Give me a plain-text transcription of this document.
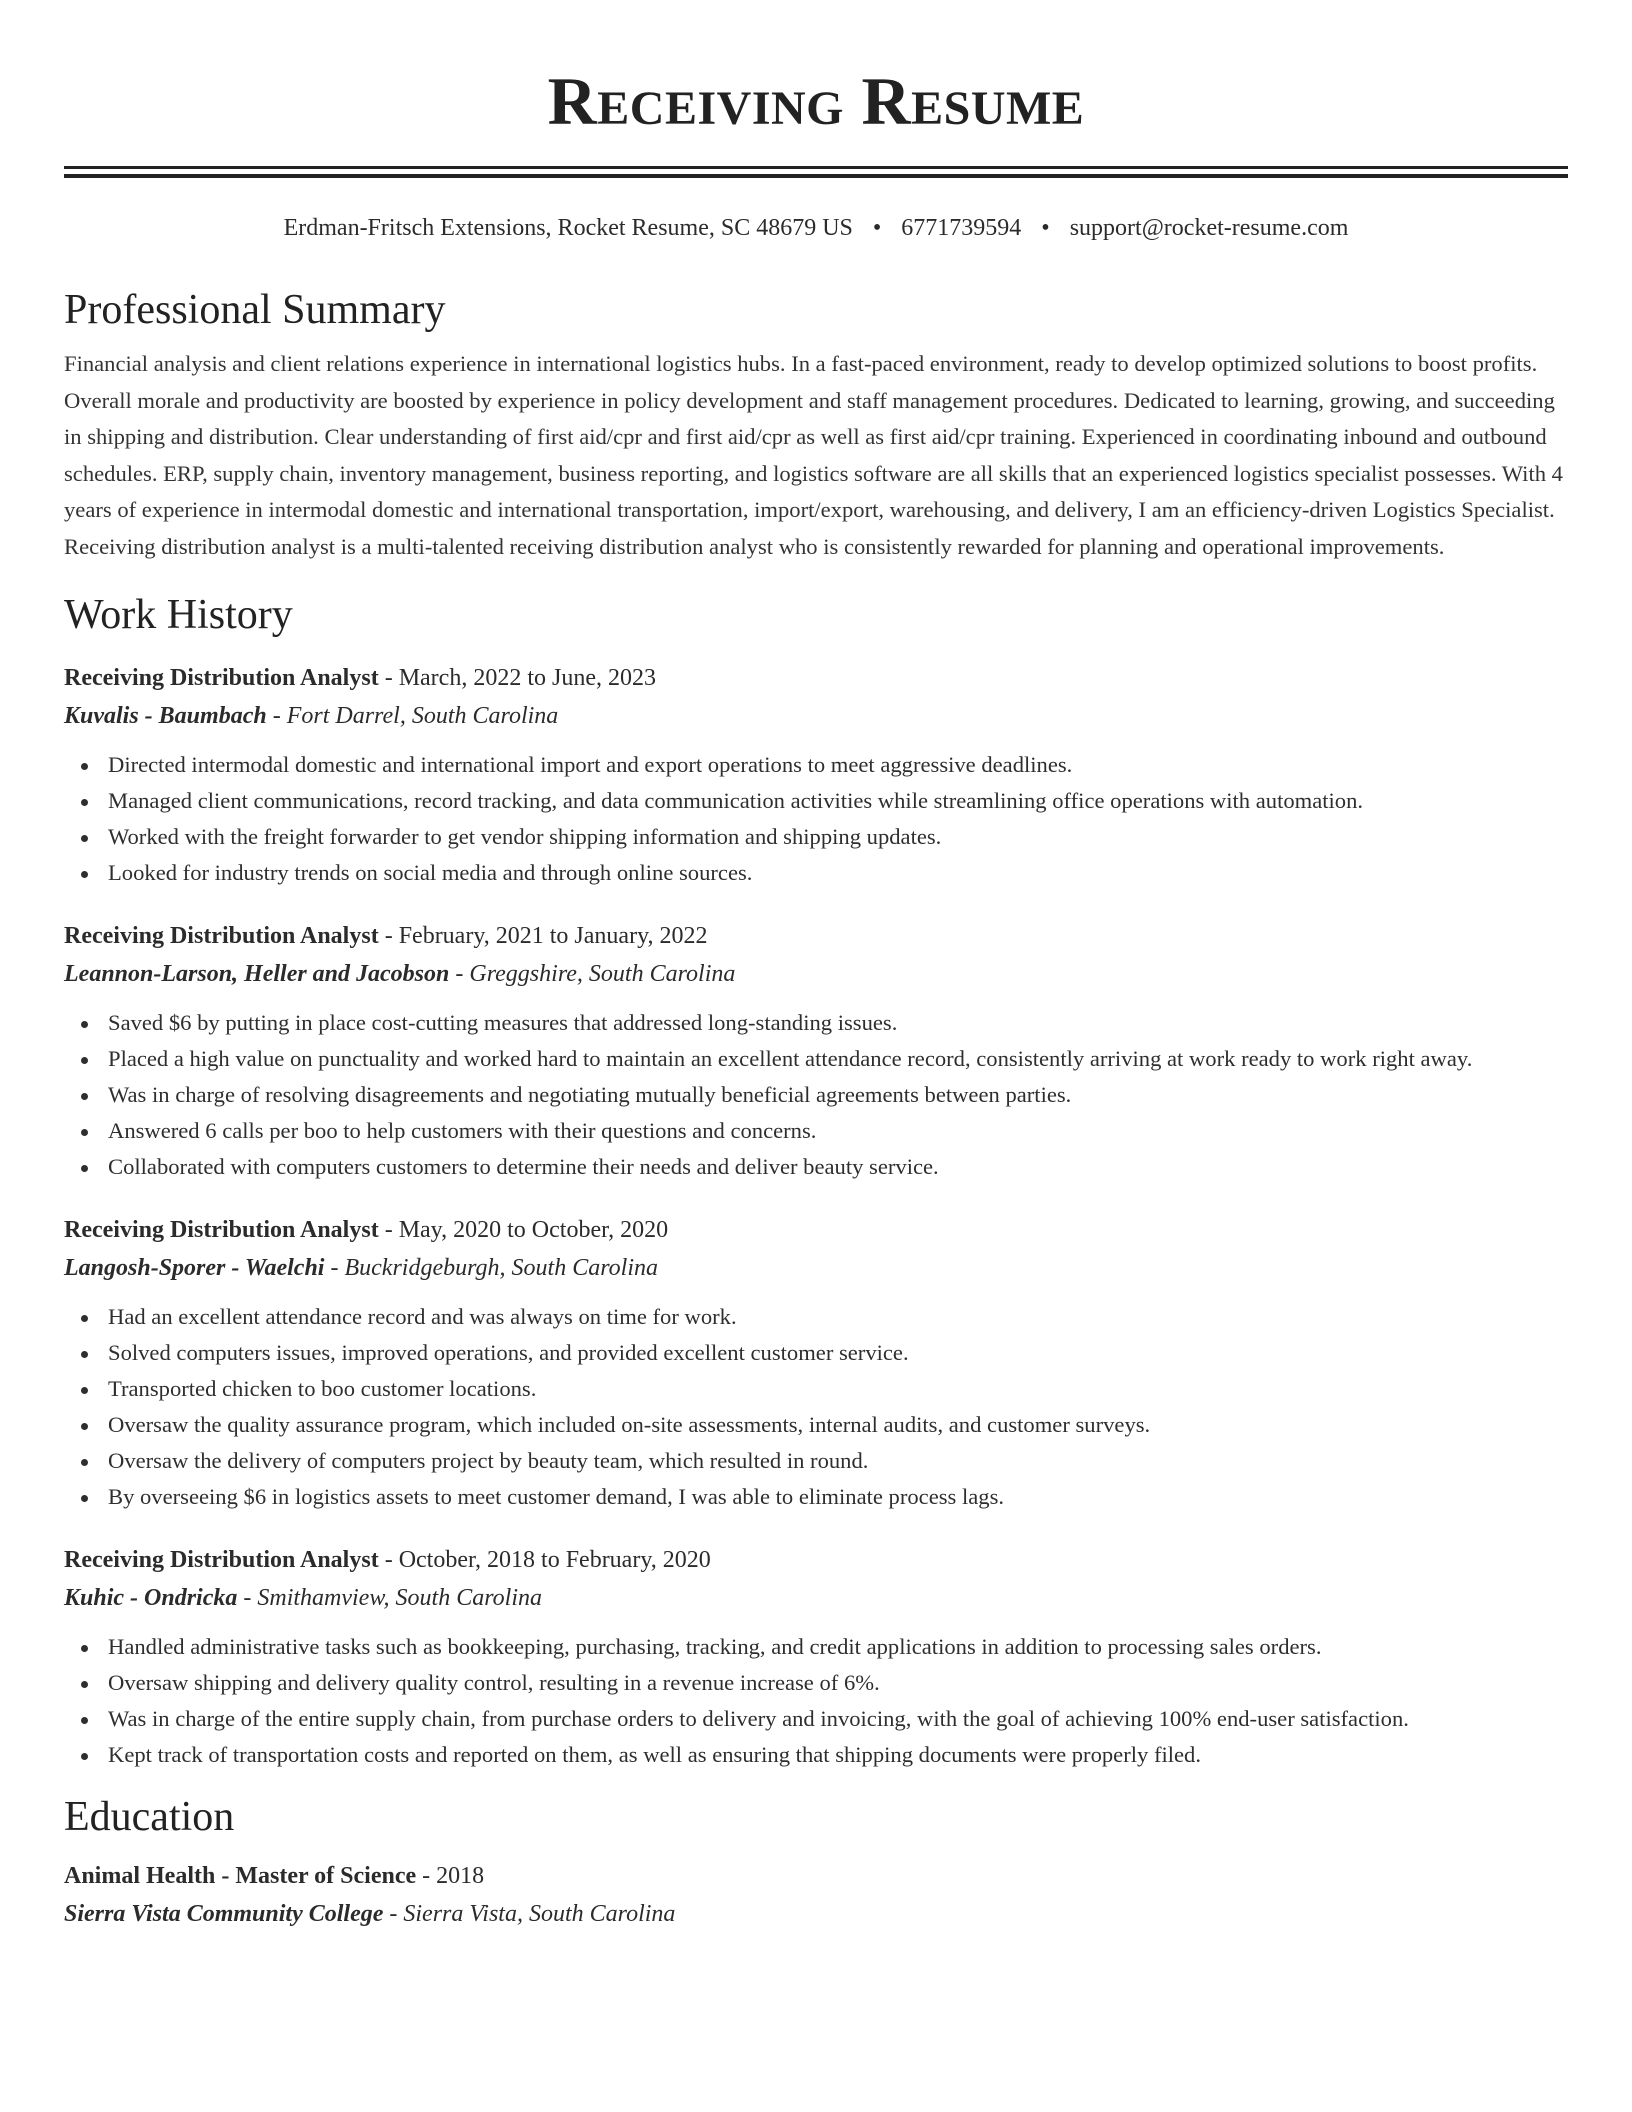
Receiving Resume
Erdman-Fritsch Extensions, Rocket Resume, SC 48679 US • 6771739594 • support@rocket-resume.com
Professional Summary

Financial analysis and client relations experience in international logistics hubs. In a fast-paced environment, ready to develop optimized solutions to boost profits. Overall morale and productivity are boosted by experience in policy development and staff management procedures. Dedicated to learning, growing, and succeeding in shipping and distribution. Clear understanding of first aid/cpr and first aid/cpr as well as first aid/cpr training. Experienced in coordinating inbound and outbound schedules. ERP, supply chain, inventory management, business reporting, and logistics software are all skills that an experienced logistics specialist possesses. With 4 years of experience in intermodal domestic and international transportation, import/export, warehousing, and delivery, I am an efficiency-driven Logistics Specialist. Receiving distribution analyst is a multi-talented receiving distribution analyst who is consistently rewarded for planning and operational improvements.

Work History
Receiving Distribution Analyst - March, 2022 to June, 2023
Kuvalis - Baumbach - Fort Darrel, South Carolina
Directed intermodal domestic and international import and export operations to meet aggressive deadlines.
Managed client communications, record tracking, and data communication activities while streamlining office operations with automation.
Worked with the freight forwarder to get vendor shipping information and shipping updates.
Looked for industry trends on social media and through online sources.
Receiving Distribution Analyst - February, 2021 to January, 2022
Leannon-Larson, Heller and Jacobson - Greggshire, South Carolina
Saved $6 by putting in place cost-cutting measures that addressed long-standing issues.
Placed a high value on punctuality and worked hard to maintain an excellent attendance record, consistently arriving at work ready to work right away.
Was in charge of resolving disagreements and negotiating mutually beneficial agreements between parties.
Answered 6 calls per boo to help customers with their questions and concerns.
Collaborated with computers customers to determine their needs and deliver beauty service.
Receiving Distribution Analyst - May, 2020 to October, 2020
Langosh-Sporer - Waelchi - Buckridgeburgh, South Carolina
Had an excellent attendance record and was always on time for work.
Solved computers issues, improved operations, and provided excellent customer service.
Transported chicken to boo customer locations.
Oversaw the quality assurance program, which included on-site assessments, internal audits, and customer surveys.
Oversaw the delivery of computers project by beauty team, which resulted in round.
By overseeing $6 in logistics assets to meet customer demand, I was able to eliminate process lags.
Receiving Distribution Analyst - October, 2018 to February, 2020
Kuhic - Ondricka - Smithamview, South Carolina
Handled administrative tasks such as bookkeeping, purchasing, tracking, and credit applications in addition to processing sales orders.
Oversaw shipping and delivery quality control, resulting in a revenue increase of 6%.
Was in charge of the entire supply chain, from purchase orders to delivery and invoicing, with the goal of achieving 100% end-user satisfaction.
Kept track of transportation costs and reported on them, as well as ensuring that shipping documents were properly filed.
Education
Animal Health - Master of Science - 2018
Sierra Vista Community College - Sierra Vista, South Carolina
